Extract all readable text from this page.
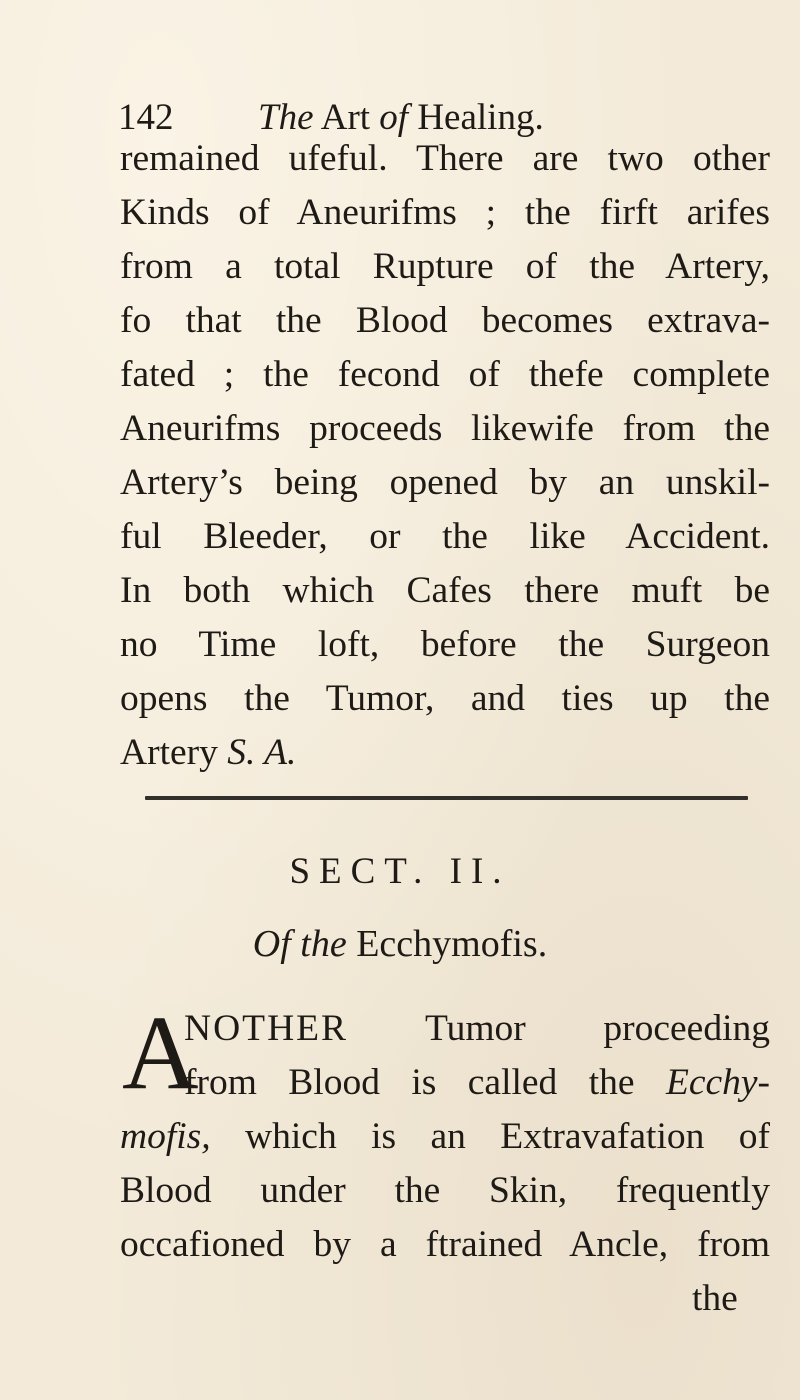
142 The Art of Healing.
remained ufeful. There are two other
Kinds of Aneurifms ; the firft arifes
from a total Rupture of the Artery,
fo that the Blood becomes extrava-
fated ; the fecond of thefe complete
Aneurifms proceeds likewife from the
Artery’s being opened by an unskil-
ful Bleeder, or the like Accident.
In both which Cafes there muft be
no Time loft, before the Surgeon
opens the Tumor, and ties up the
Artery S. A.
SECT. II.
Of the Ecchymofis.
A
NOTHER Tumor proceeding
from Blood is called the Ecchy-
mofis, which is an Extravafation of
Blood under the Skin, frequently
occafioned by a ftrained Ancle, from
the
